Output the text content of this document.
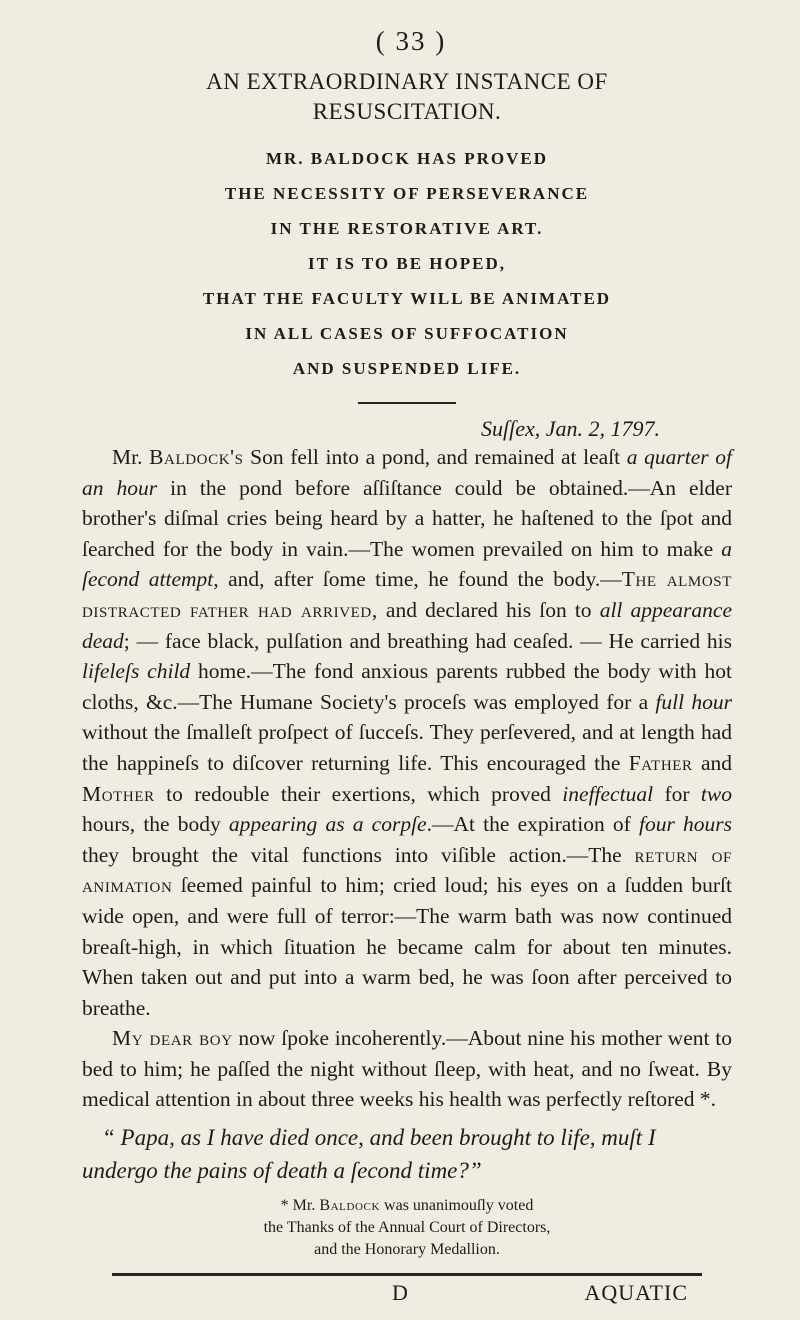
( 33 )
AN EXTRAORDINARY INSTANCE OF
RESUSCITATION.
MR. BALDOCK HAS PROVED
THE NECESSITY OF PERSEVERANCE
IN THE RESTORATIVE ART.
IT IS TO BE HOPED,
THAT THE FACULTY WILL BE ANIMATED
IN ALL CASES OF SUFFOCATION
AND SUSPENDED LIFE.
Suſſex, Jan. 2, 1797.

Mr. Baldock's Son fell into a pond, and remained at leaſt a quarter of an hour in the pond before aſſiſtance could be obtained.—An elder brother's diſmal cries being heard by a hatter, he haſtened to the ſpot and ſearched for the body in vain.—The women prevailed on him to make a ſecond attempt, and, after ſome time, he found the body.—The almost distracted father had arrived, and declared his ſon to all appearance dead; — face black, pulſation and breathing had ceaſed. — He carried his lifeleſs child home.—The fond anxious parents rubbed the body with hot cloths, &c.—The Humane Society's proceſs was employed for a full hour without the ſmalleſt proſpect of ſucceſs. They perſevered, and at length had the happineſs to diſcover returning life. This encouraged the Father and Mother to redouble their exertions, which proved ineffectual for two hours, the body appearing as a corpſe.—At the expiration of four hours they brought the vital functions into viſible action.—The return of animation ſeemed painful to him; cried loud; his eyes on a ſudden burſt wide open, and were full of terror:—The warm bath was now continued breaſt-high, in which ſituation he became calm for about ten minutes. When taken out and put into a warm bed, he was ſoon after perceived to breathe.

My dear boy now ſpoke incoherently.—About nine his mother went to bed to him; he paſſed the night without ſleep, with heat, and no ſweat. By medical attention in about three weeks his health was perfectly reſtored *.

“ Papa, as I have died once, and been brought to life, muſt I undergo the pains of death a ſecond time?”
* Mr. Baldock was unanimouſly voted
the Thanks of the Annual Court of Directors,
and the Honorary Medallion.
D	AQUATIC
